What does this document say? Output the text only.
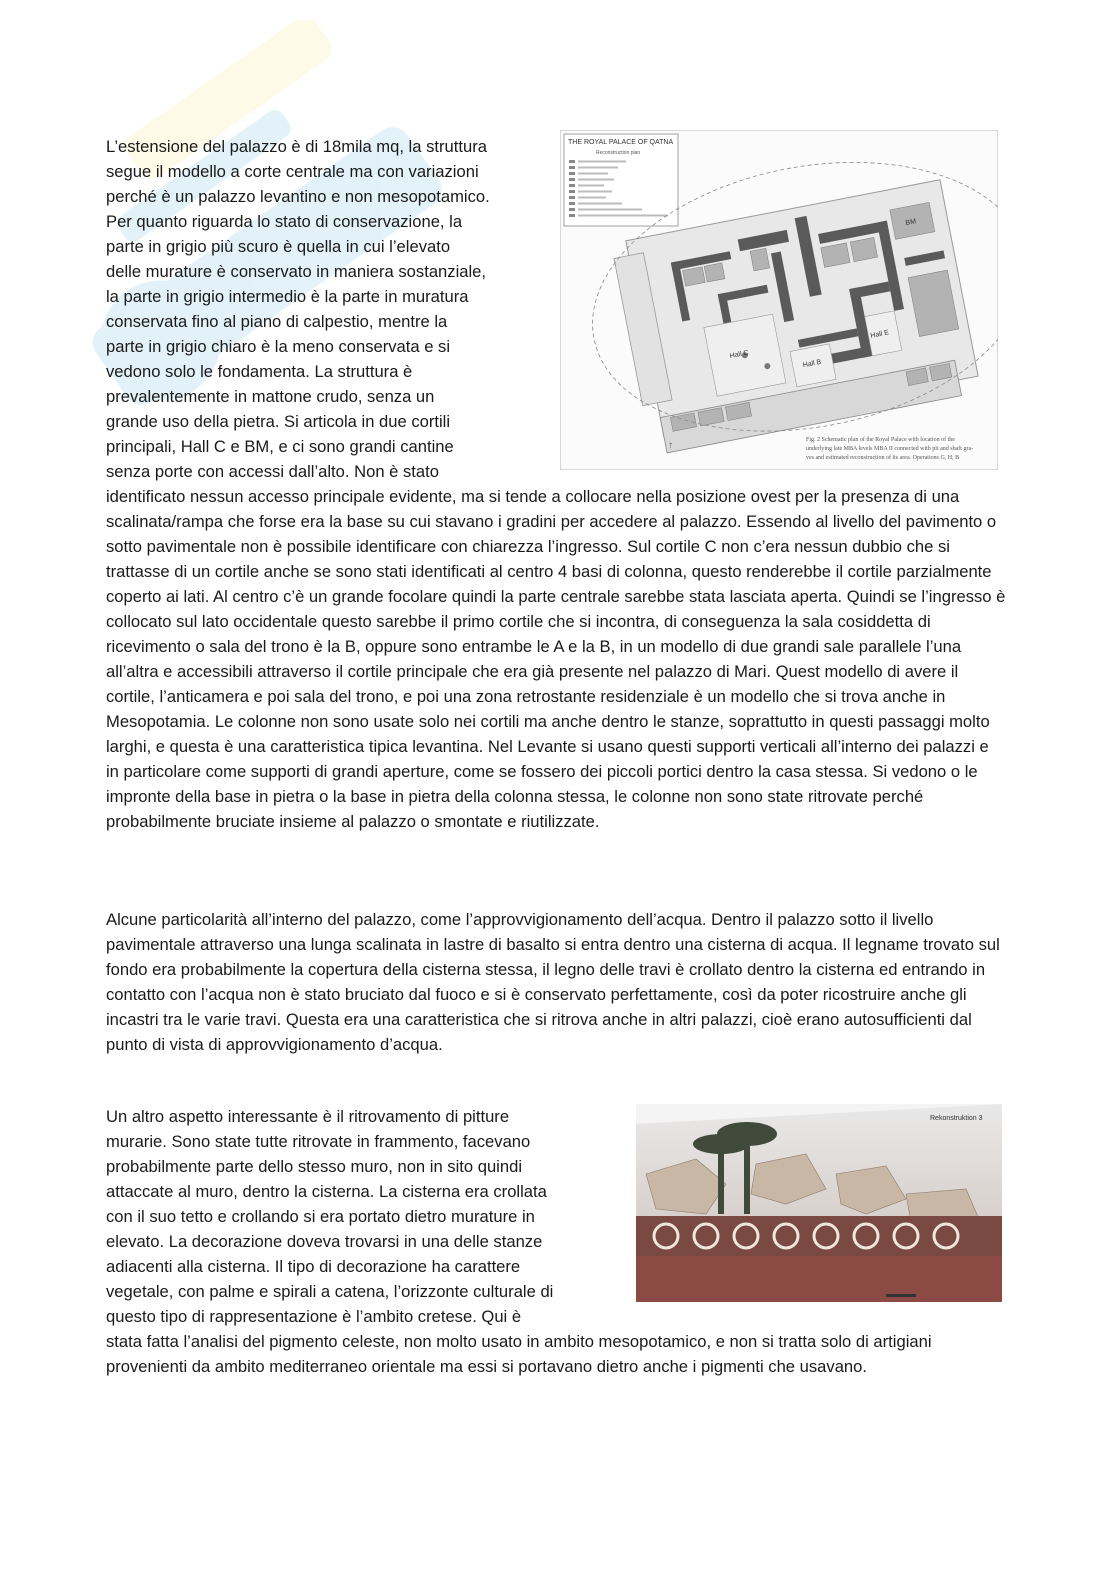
L’estensione del palazzo è di 18mila mq, la struttura
segue il modello a corte centrale ma con variazioni
perché è un palazzo levantino e non mesopotamico.
Per quanto riguarda lo stato di conservazione, la
parte in grigio più scuro è quella in cui l’elevato
delle murature è conservato in maniera sostanziale,
la parte in grigio intermedio è la parte in muratura
conservata fino al piano di calpestio, mentre la
parte in grigio chiaro è la meno conservata e si
vedono solo le fondamenta. La struttura è
prevalentemente in mattone crudo, senza un
grande uso della pietra. Si articola in due cortili
principali, Hall C e BM, e ci sono grandi cantine
senza porte con accessi dall’alto. Non è stato
THE ROYAL PALACE OF QATNA
Reconstruction plan
Hall C
Hall B
Hall E
BM
↑	Fig. 2 Schematic plan of the Royal Palace with location of the
underlying late MBA levels MBA II connected with pit and shaft gra-
ves and estimated reconstruction of its area. Operations G, H, B
identificato nessun accesso principale evidente, ma si tende a collocare nella posizione ovest per la presenza di una scalinata/rampa che forse era la base su cui stavano i gradini per accedere al palazzo. Essendo al livello del pavimento o sotto pavimentale non è possibile identificare con chiarezza l’ingresso. Sul cortile C non c’era nessun dubbio che si trattasse di un cortile anche se sono stati identificati al centro 4 basi di colonna, questo renderebbe il cortile parzialmente coperto ai lati. Al centro c’è un grande focolare quindi la parte centrale sarebbe stata lasciata aperta. Quindi se l’ingresso è collocato sul lato occidentale questo sarebbe il primo cortile che si incontra, di conseguenza la sala cosiddetta di ricevimento o sala del trono è la B, oppure sono entrambe le A e la B, in un modello di due grandi sale parallele l’una all’altra e accessibili attraverso il cortile principale che era già presente nel palazzo di Mari. Quest modello di avere il cortile, l’anticamera e poi sala del trono, e poi una zona retrostante residenziale è un modello che si trova anche in Mesopotamia. Le colonne non sono usate solo nei cortili ma anche dentro le stanze, soprattutto in questi passaggi molto larghi, e questa è una caratteristica tipica levantina. Nel Levante si usano questi supporti verticali all’interno dei palazzi e in particolare come supporti di grandi aperture, come se fossero dei piccoli portici dentro la casa stessa. Si vedono o le impronte della base in pietra o la base in pietra della colonna stessa, le colonne non sono state ritrovate perché probabilmente bruciate insieme al palazzo o smontate e riutilizzate.
Alcune particolarità all’interno del palazzo, come l’approvvigionamento dell’acqua. Dentro il palazzo sotto il livello pavimentale attraverso una lunga scalinata in lastre di basalto si entra dentro una cisterna di acqua. Il legname trovato sul fondo era probabilmente la copertura della cisterna stessa, il legno delle travi è crollato dentro la cisterna ed entrando in contatto con l’acqua non è stato bruciato dal fuoco e si è conservato perfettamente, così da poter ricostruire anche gli incastri tra le varie travi. Questa era una caratteristica che si ritrova anche in altri palazzi, cioè erano autosufficienti dal punto di vista di approvvigionamento d’acqua.
Un altro aspetto interessante è il ritrovamento di pitture
murarie. Sono state tutte ritrovate in frammento, facevano
probabilmente parte dello stesso muro, non in sito quindi
attaccate al muro, dentro la cisterna. La cisterna era crollata
con il suo tetto e crollando si era portato dietro murature in
elevato. La decorazione doveva trovarsi in una delle stanze
adiacenti alla cisterna. Il tipo di decorazione ha carattere
vegetale, con palme e spirali a catena, l’orizzonte culturale di
questo tipo di rappresentazione è l’ambito cretese. Qui è
Rekonstruktion 3
stata fatta l’analisi del pigmento celeste, non molto usato in ambito mesopotamico, e non si tratta solo di artigiani provenienti da ambito mediterraneo orientale ma essi si portavano dietro anche i pigmenti che usavano.
